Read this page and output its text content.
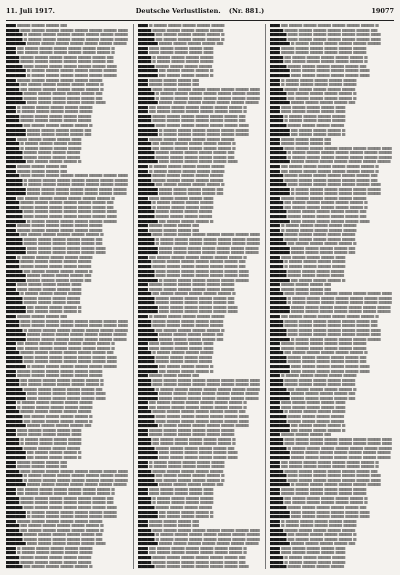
11. Juli 1917.	Deutsche Verlustlisten. (Nr. 881.)	19077
███ ▒▒▒▒ ▒▒▒▒ ▒▒▒▒ ▒▒
████ ▒▒▒ ▒▒▒▒ ▒▒▒▒ ▒▒▒▒ ▒▒▒▒ ▒▒▒▒ ▒▒▒▒ ▒▒▒
█████ ▒ ▒▒▒▒ ▒▒▒▒ ▒▒▒▒ ▒▒▒▒ ▒▒▒▒ ▒▒▒▒ ▒▒▒▒
█████ ▒ ▒▒▒▒ ▒▒▒▒ ▒▒▒▒ ▒▒▒▒ ▒▒▒▒ ▒▒▒▒ ▒▒▒▒
██████ ▒▒▒▒ ▒▒▒▒ ▒▒▒▒ ▒▒▒▒ ▒▒▒▒ ▒▒▒▒ ▒▒▒▒
███ ▒▒ ▒▒▒▒ ▒▒▒▒ ▒▒▒▒ ▒▒▒▒ ▒▒▒▒ ▒▒▒▒ ▒
███ ▒▒ ▒▒▒▒ ▒▒▒▒ ▒▒▒▒ ▒▒▒▒ ▒▒▒▒ ▒▒▒▒ ▒
████ ▒▒▒▒ ▒▒▒▒ ▒▒▒▒ ▒▒▒▒ ▒▒▒▒ ▒▒▒▒ ▒▒
████ ▒▒▒▒ ▒▒▒▒ ▒▒▒▒ ▒▒▒▒ ▒▒▒▒ ▒▒▒▒ ▒▒
█████ ▒▒▒ ▒▒▒▒ ▒▒▒▒ ▒▒▒▒ ▒▒▒▒ ▒▒▒▒ ▒▒▒
██████ ▒ ▒▒▒▒ ▒▒▒▒ ▒▒▒▒ ▒▒▒▒ ▒▒▒▒ ▒▒▒▒
██████ ▒ ▒▒▒▒ ▒▒▒▒ ▒▒▒▒ ▒▒▒▒ ▒▒▒▒ ▒▒▒▒
███ ▒▒▒▒ ▒▒▒▒ ▒▒▒▒ ▒▒▒▒ ▒▒▒▒ ▒▒▒▒
████ ▒▒ ▒▒▒▒ ▒▒▒▒ ▒▒▒▒ ▒▒▒▒ ▒▒▒▒ ▒
████ ▒▒ ▒▒▒▒ ▒▒▒▒ ▒▒▒▒ ▒▒▒▒ ▒▒▒▒ ▒
█████ ▒▒▒▒ ▒▒▒▒ ▒▒▒▒ ▒▒▒▒ ▒▒▒▒ ▒▒
█████ ▒▒▒▒ ▒▒▒▒ ▒▒▒▒ ▒▒▒▒ ▒▒▒▒ ▒▒
██████ ▒▒▒ ▒▒▒▒ ▒▒▒▒ ▒▒▒▒ ▒▒▒▒ ▒▒▒
███ ▒ ▒▒▒▒ ▒▒▒▒ ▒▒▒▒ ▒▒▒▒ ▒▒▒▒
███ ▒ ▒▒▒▒ ▒▒▒▒ ▒▒▒▒ ▒▒▒▒ ▒▒▒▒
████ ▒▒▒▒ ▒▒▒▒ ▒▒▒▒ ▒▒▒▒ ▒▒▒▒
████ ▒▒▒▒ ▒▒▒▒ ▒▒▒▒ ▒▒▒▒ ▒▒▒▒
█████ ▒▒ ▒▒▒▒ ▒▒▒▒ ▒▒▒▒ ▒▒▒▒ ▒
██████ ▒▒▒▒ ▒▒▒▒ ▒▒▒▒ ▒▒▒▒ ▒▒
██████ ▒▒▒▒ ▒▒▒▒ ▒▒▒▒ ▒▒▒▒ ▒▒
███ ▒▒▒ ▒▒▒▒ ▒▒▒▒ ▒▒▒▒ ▒▒▒
████ ▒ ▒▒▒▒ ▒▒▒▒ ▒▒▒▒ ▒▒▒▒
████ ▒ ▒▒▒▒ ▒▒▒▒ ▒▒▒▒ ▒▒▒▒
█████ ▒▒▒▒ ▒▒▒▒ ▒▒▒▒ ▒▒▒▒
█████ ▒▒▒▒ ▒▒▒▒ ▒▒▒▒ ▒▒▒▒
██████ ▒▒ ▒▒▒▒ ▒▒▒▒ ▒▒▒▒ ▒
███ ▒▒▒▒ ▒▒▒▒ ▒▒▒▒ ▒▒
███ ▒▒▒▒ ▒▒▒▒ ▒▒▒▒ ▒▒
████ ▒▒▒ ▒▒▒▒ ▒▒▒▒ ▒▒▒▒ ▒▒▒▒ ▒▒▒▒ ▒▒▒▒ ▒▒▒
█████ ▒ ▒▒▒▒ ▒▒▒▒ ▒▒▒▒ ▒▒▒▒ ▒▒▒▒ ▒▒▒▒ ▒▒▒▒
█████ ▒ ▒▒▒▒ ▒▒▒▒ ▒▒▒▒ ▒▒▒▒ ▒▒▒▒ ▒▒▒▒ ▒▒▒▒
██████ ▒▒▒▒ ▒▒▒▒ ▒▒▒▒ ▒▒▒▒ ▒▒▒▒ ▒▒▒▒ ▒▒▒▒
██████ ▒▒▒▒ ▒▒▒▒ ▒▒▒▒ ▒▒▒▒ ▒▒▒▒ ▒▒▒▒ ▒▒▒▒
███ ▒▒ ▒▒▒▒ ▒▒▒▒ ▒▒▒▒ ▒▒▒▒ ▒▒▒▒ ▒▒▒▒ ▒
████ ▒▒▒▒ ▒▒▒▒ ▒▒▒▒ ▒▒▒▒ ▒▒▒▒ ▒▒▒▒ ▒▒
████ ▒▒▒▒ ▒▒▒▒ ▒▒▒▒ ▒▒▒▒ ▒▒▒▒ ▒▒▒▒ ▒▒
█████ ▒▒▒ ▒▒▒▒ ▒▒▒▒ ▒▒▒▒ ▒▒▒▒ ▒▒▒▒ ▒▒▒
█████ ▒▒▒ ▒▒▒▒ ▒▒▒▒ ▒▒▒▒ ▒▒▒▒ ▒▒▒▒ ▒▒▒
██████ ▒ ▒▒▒▒ ▒▒▒▒ ▒▒▒▒ ▒▒▒▒ ▒▒▒▒ ▒▒▒▒
███ ▒▒▒▒ ▒▒▒▒ ▒▒▒▒ ▒▒▒▒ ▒▒▒▒ ▒▒▒▒
███ ▒▒▒▒ ▒▒▒▒ ▒▒▒▒ ▒▒▒▒ ▒▒▒▒ ▒▒▒▒
████ ▒▒ ▒▒▒▒ ▒▒▒▒ ▒▒▒▒ ▒▒▒▒ ▒▒▒▒ ▒
█████ ▒▒▒▒ ▒▒▒▒ ▒▒▒▒ ▒▒▒▒ ▒▒▒▒ ▒▒
█████ ▒▒▒▒ ▒▒▒▒ ▒▒▒▒ ▒▒▒▒ ▒▒▒▒ ▒▒
██████ ▒▒▒ ▒▒▒▒ ▒▒▒▒ ▒▒▒▒ ▒▒▒▒ ▒▒▒
██████ ▒▒▒ ▒▒▒▒ ▒▒▒▒ ▒▒▒▒ ▒▒▒▒ ▒▒▒
███ ▒ ▒▒▒▒ ▒▒▒▒ ▒▒▒▒ ▒▒▒▒ ▒▒▒▒
████ ▒▒▒▒ ▒▒▒▒ ▒▒▒▒ ▒▒▒▒ ▒▒▒▒
████ ▒▒▒▒ ▒▒▒▒ ▒▒▒▒ ▒▒▒▒ ▒▒▒▒
█████ ▒▒ ▒▒▒▒ ▒▒▒▒ ▒▒▒▒ ▒▒▒▒ ▒
██████ ▒▒▒▒ ▒▒▒▒ ▒▒▒▒ ▒▒▒▒ ▒▒
██████ ▒▒▒▒ ▒▒▒▒ ▒▒▒▒ ▒▒▒▒ ▒▒
███ ▒▒▒ ▒▒▒▒ ▒▒▒▒ ▒▒▒▒ ▒▒▒
███ ▒▒▒ ▒▒▒▒ ▒▒▒▒ ▒▒▒▒ ▒▒▒
████ ▒ ▒▒▒▒ ▒▒▒▒ ▒▒▒▒ ▒▒▒▒
█████ ▒▒▒▒ ▒▒▒▒ ▒▒▒▒ ▒▒▒▒
█████ ▒▒▒▒ ▒▒▒▒ ▒▒▒▒ ▒▒▒▒
██████ ▒▒ ▒▒▒▒ ▒▒▒▒ ▒▒▒▒ ▒
██████ ▒▒ ▒▒▒▒ ▒▒▒▒ ▒▒▒▒ ▒
███ ▒▒▒▒ ▒▒▒▒ ▒▒▒▒ ▒▒
████ ▒▒▒ ▒▒▒▒ ▒▒▒▒ ▒▒▒▒ ▒▒▒▒ ▒▒▒▒ ▒▒▒▒ ▒▒▒
████ ▒▒▒ ▒▒▒▒ ▒▒▒▒ ▒▒▒▒ ▒▒▒▒ ▒▒▒▒ ▒▒▒▒ ▒▒▒
█████ ▒ ▒▒▒▒ ▒▒▒▒ ▒▒▒▒ ▒▒▒▒ ▒▒▒▒ ▒▒▒▒ ▒▒▒▒
██████ ▒▒▒▒ ▒▒▒▒ ▒▒▒▒ ▒▒▒▒ ▒▒▒▒ ▒▒▒▒ ▒▒▒▒
██████ ▒▒▒▒ ▒▒▒▒ ▒▒▒▒ ▒▒▒▒ ▒▒▒▒ ▒▒▒▒ ▒▒▒▒
███ ▒▒ ▒▒▒▒ ▒▒▒▒ ▒▒▒▒ ▒▒▒▒ ▒▒▒▒ ▒▒▒▒ ▒
███ ▒▒ ▒▒▒▒ ▒▒▒▒ ▒▒▒▒ ▒▒▒▒ ▒▒▒▒ ▒▒▒▒ ▒
████ ▒▒▒▒ ▒▒▒▒ ▒▒▒▒ ▒▒▒▒ ▒▒▒▒ ▒▒▒▒ ▒▒
█████ ▒▒▒ ▒▒▒▒ ▒▒▒▒ ▒▒▒▒ ▒▒▒▒ ▒▒▒▒ ▒▒▒
█████ ▒▒▒ ▒▒▒▒ ▒▒▒▒ ▒▒▒▒ ▒▒▒▒ ▒▒▒▒ ▒▒▒
██████ ▒ ▒▒▒▒ ▒▒▒▒ ▒▒▒▒ ▒▒▒▒ ▒▒▒▒ ▒▒▒▒
███ ▒▒▒▒ ▒▒▒▒ ▒▒▒▒ ▒▒▒▒ ▒▒▒▒ ▒▒▒▒
███ ▒▒▒▒ ▒▒▒▒ ▒▒▒▒ ▒▒▒▒ ▒▒▒▒ ▒▒▒▒
████ ▒▒ ▒▒▒▒ ▒▒▒▒ ▒▒▒▒ ▒▒▒▒ ▒▒▒▒ ▒
████ ▒▒ ▒▒▒▒ ▒▒▒▒ ▒▒▒▒ ▒▒▒▒ ▒▒▒▒ ▒
█████ ▒▒▒▒ ▒▒▒▒ ▒▒▒▒ ▒▒▒▒ ▒▒▒▒ ▒▒
██████ ▒▒▒ ▒▒▒▒ ▒▒▒▒ ▒▒▒▒ ▒▒▒▒ ▒▒▒
██████ ▒▒▒ ▒▒▒▒ ▒▒▒▒ ▒▒▒▒ ▒▒▒▒ ▒▒▒
███ ▒ ▒▒▒▒ ▒▒▒▒ ▒▒▒▒ ▒▒▒▒ ▒▒▒▒
███ ▒ ▒▒▒▒ ▒▒▒▒ ▒▒▒▒ ▒▒▒▒ ▒▒▒▒
████ ▒▒▒▒ ▒▒▒▒ ▒▒▒▒ ▒▒▒▒ ▒▒▒▒
█████ ▒▒ ▒▒▒▒ ▒▒▒▒ ▒▒▒▒ ▒▒▒▒ ▒
█████ ▒▒ ▒▒▒▒ ▒▒▒▒ ▒▒▒▒ ▒▒▒▒ ▒
██████ ▒▒▒▒ ▒▒▒▒ ▒▒▒▒ ▒▒▒▒ ▒▒
███ ▒▒▒ ▒▒▒▒ ▒▒▒▒ ▒▒▒▒ ▒▒▒
███ ▒▒▒ ▒▒▒▒ ▒▒▒▒ ▒▒▒▒ ▒▒▒
████ ▒ ▒▒▒▒ ▒▒▒▒ ▒▒▒▒ ▒▒▒▒
████ ▒ ▒▒▒▒ ▒▒▒▒ ▒▒▒▒ ▒▒▒▒
█████ ▒▒▒▒ ▒▒▒▒ ▒▒▒▒ ▒▒▒▒
██████ ▒▒ ▒▒▒▒ ▒▒▒▒ ▒▒▒▒ ▒
██████ ▒▒ ▒▒▒▒ ▒▒▒▒ ▒▒▒▒ ▒
███ ▒▒▒▒ ▒▒▒▒ ▒▒▒▒ ▒▒
███ ▒▒▒▒ ▒▒▒▒ ▒▒▒▒ ▒▒
████ ▒▒▒ ▒▒▒▒ ▒▒▒▒ ▒▒▒▒ ▒▒▒▒ ▒▒▒▒ ▒▒▒▒ ▒▒▒
█████ ▒ ▒▒▒▒ ▒▒▒▒ ▒▒▒▒ ▒▒▒▒ ▒▒▒▒ ▒▒▒▒ ▒▒▒▒
█████ ▒ ▒▒▒▒ ▒▒▒▒ ▒▒▒▒ ▒▒▒▒ ▒▒▒▒ ▒▒▒▒ ▒▒▒▒
██████ ▒▒▒▒ ▒▒▒▒ ▒▒▒▒ ▒▒▒▒ ▒▒▒▒ ▒▒▒▒ ▒▒▒▒
███ ▒▒ ▒▒▒▒ ▒▒▒▒ ▒▒▒▒ ▒▒▒▒ ▒▒▒▒ ▒▒▒▒ ▒
███ ▒▒ ▒▒▒▒ ▒▒▒▒ ▒▒▒▒ ▒▒▒▒ ▒▒▒▒ ▒▒▒▒ ▒
████ ▒▒▒▒ ▒▒▒▒ ▒▒▒▒ ▒▒▒▒ ▒▒▒▒ ▒▒▒▒ ▒▒
████ ▒▒▒▒ ▒▒▒▒ ▒▒▒▒ ▒▒▒▒ ▒▒▒▒ ▒▒▒▒ ▒▒
█████ ▒▒▒ ▒▒▒▒ ▒▒▒▒ ▒▒▒▒ ▒▒▒▒ ▒▒▒▒ ▒▒▒
██████ ▒ ▒▒▒▒ ▒▒▒▒ ▒▒▒▒ ▒▒▒▒ ▒▒▒▒ ▒▒▒▒
██████ ▒ ▒▒▒▒ ▒▒▒▒ ▒▒▒▒ ▒▒▒▒ ▒▒▒▒ ▒▒▒▒
███ ▒▒▒▒ ▒▒▒▒ ▒▒▒▒ ▒▒▒▒ ▒▒▒▒ ▒▒▒▒
████ ▒▒ ▒▒▒▒ ▒▒▒▒ ▒▒▒▒ ▒▒▒▒ ▒▒▒▒ ▒
████ ▒▒ ▒▒▒▒ ▒▒▒▒ ▒▒▒▒ ▒▒▒▒ ▒▒▒▒ ▒
█████ ▒▒▒▒ ▒▒▒▒ ▒▒▒▒ ▒▒▒▒ ▒▒▒▒ ▒▒
█████ ▒▒▒▒ ▒▒▒▒ ▒▒▒▒ ▒▒▒▒ ▒▒▒▒ ▒▒
██████ ▒▒▒ ▒▒▒▒ ▒▒▒▒ ▒▒▒▒ ▒▒▒▒ ▒▒▒
███ ▒ ▒▒▒▒ ▒▒▒▒ ▒▒▒▒ ▒▒▒▒ ▒▒▒▒
███ ▒ ▒▒▒▒ ▒▒▒▒ ▒▒▒▒ ▒▒▒▒ ▒▒▒▒
████ ▒▒▒▒ ▒▒▒▒ ▒▒▒▒ ▒▒▒▒ ▒▒▒▒
████ ▒▒▒▒ ▒▒▒▒ ▒▒▒▒ ▒▒▒▒ ▒▒▒▒
█████ ▒▒ ▒▒▒▒ ▒▒▒▒ ▒▒▒▒ ▒▒▒▒ ▒
███ ▒ ▒▒▒▒ ▒▒▒▒ ▒▒▒▒ ▒▒▒▒ ▒▒▒▒
████ ▒▒▒▒ ▒▒▒▒ ▒▒▒▒ ▒▒▒▒ ▒▒▒▒
█████ ▒▒ ▒▒▒▒ ▒▒▒▒ ▒▒▒▒ ▒▒▒▒ ▒
█████ ▒▒ ▒▒▒▒ ▒▒▒▒ ▒▒▒▒ ▒▒▒▒ ▒
██████ ▒▒▒▒ ▒▒▒▒ ▒▒▒▒ ▒▒▒▒ ▒▒
███ ▒▒▒ ▒▒▒▒ ▒▒▒▒ ▒▒▒▒ ▒▒▒
███ ▒▒▒ ▒▒▒▒ ▒▒▒▒ ▒▒▒▒ ▒▒▒
████ ▒ ▒▒▒▒ ▒▒▒▒ ▒▒▒▒ ▒▒▒▒
████ ▒ ▒▒▒▒ ▒▒▒▒ ▒▒▒▒ ▒▒▒▒
█████ ▒▒▒▒ ▒▒▒▒ ▒▒▒▒ ▒▒▒▒
██████ ▒▒ ▒▒▒▒ ▒▒▒▒ ▒▒▒▒ ▒
██████ ▒▒ ▒▒▒▒ ▒▒▒▒ ▒▒▒▒ ▒
███ ▒▒▒▒ ▒▒▒▒ ▒▒▒▒ ▒▒
███ ▒▒▒▒ ▒▒▒▒ ▒▒▒▒ ▒▒
████ ▒▒▒ ▒▒▒▒ ▒▒▒▒ ▒▒▒▒ ▒▒▒▒ ▒▒▒▒ ▒▒▒▒ ▒▒▒
█████ ▒ ▒▒▒▒ ▒▒▒▒ ▒▒▒▒ ▒▒▒▒ ▒▒▒▒ ▒▒▒▒ ▒▒▒▒
█████ ▒ ▒▒▒▒ ▒▒▒▒ ▒▒▒▒ ▒▒▒▒ ▒▒▒▒ ▒▒▒▒ ▒▒▒▒
██████ ▒▒▒▒ ▒▒▒▒ ▒▒▒▒ ▒▒▒▒ ▒▒▒▒ ▒▒▒▒ ▒▒▒▒
███ ▒▒ ▒▒▒▒ ▒▒▒▒ ▒▒▒▒ ▒▒▒▒ ▒▒▒▒ ▒▒▒▒ ▒
███ ▒▒ ▒▒▒▒ ▒▒▒▒ ▒▒▒▒ ▒▒▒▒ ▒▒▒▒ ▒▒▒▒ ▒
████ ▒▒▒▒ ▒▒▒▒ ▒▒▒▒ ▒▒▒▒ ▒▒▒▒ ▒▒▒▒ ▒▒
████ ▒▒▒▒ ▒▒▒▒ ▒▒▒▒ ▒▒▒▒ ▒▒▒▒ ▒▒▒▒ ▒▒
█████ ▒▒▒ ▒▒▒▒ ▒▒▒▒ ▒▒▒▒ ▒▒▒▒ ▒▒▒▒ ▒▒▒
██████ ▒ ▒▒▒▒ ▒▒▒▒ ▒▒▒▒ ▒▒▒▒ ▒▒▒▒ ▒▒▒▒
██████ ▒ ▒▒▒▒ ▒▒▒▒ ▒▒▒▒ ▒▒▒▒ ▒▒▒▒ ▒▒▒▒
███ ▒▒▒▒ ▒▒▒▒ ▒▒▒▒ ▒▒▒▒ ▒▒▒▒ ▒▒▒▒
████ ▒▒ ▒▒▒▒ ▒▒▒▒ ▒▒▒▒ ▒▒▒▒ ▒▒▒▒ ▒
████ ▒▒ ▒▒▒▒ ▒▒▒▒ ▒▒▒▒ ▒▒▒▒ ▒▒▒▒ ▒
█████ ▒▒▒▒ ▒▒▒▒ ▒▒▒▒ ▒▒▒▒ ▒▒▒▒ ▒▒
█████ ▒▒▒▒ ▒▒▒▒ ▒▒▒▒ ▒▒▒▒ ▒▒▒▒ ▒▒
██████ ▒▒▒ ▒▒▒▒ ▒▒▒▒ ▒▒▒▒ ▒▒▒▒ ▒▒▒
███ ▒ ▒▒▒▒ ▒▒▒▒ ▒▒▒▒ ▒▒▒▒ ▒▒▒▒
███ ▒ ▒▒▒▒ ▒▒▒▒ ▒▒▒▒ ▒▒▒▒ ▒▒▒▒
████ ▒▒▒▒ ▒▒▒▒ ▒▒▒▒ ▒▒▒▒ ▒▒▒▒
████ ▒▒▒▒ ▒▒▒▒ ▒▒▒▒ ▒▒▒▒ ▒▒▒▒
█████ ▒▒ ▒▒▒▒ ▒▒▒▒ ▒▒▒▒ ▒▒▒▒ ▒
██████ ▒▒▒▒ ▒▒▒▒ ▒▒▒▒ ▒▒▒▒ ▒▒
██████ ▒▒▒▒ ▒▒▒▒ ▒▒▒▒ ▒▒▒▒ ▒▒
███ ▒▒▒ ▒▒▒▒ ▒▒▒▒ ▒▒▒▒ ▒▒▒
████ ▒ ▒▒▒▒ ▒▒▒▒ ▒▒▒▒ ▒▒▒▒
████ ▒ ▒▒▒▒ ▒▒▒▒ ▒▒▒▒ ▒▒▒▒
█████ ▒▒▒▒ ▒▒▒▒ ▒▒▒▒ ▒▒▒▒
█████ ▒▒▒▒ ▒▒▒▒ ▒▒▒▒ ▒▒▒▒
██████ ▒▒ ▒▒▒▒ ▒▒▒▒ ▒▒▒▒ ▒
███ ▒▒▒▒ ▒▒▒▒ ▒▒▒▒ ▒▒
███ ▒▒▒▒ ▒▒▒▒ ▒▒▒▒ ▒▒
████ ▒▒▒ ▒▒▒▒ ▒▒▒▒ ▒▒▒▒ ▒▒▒▒ ▒▒▒▒ ▒▒▒▒ ▒▒▒
█████ ▒ ▒▒▒▒ ▒▒▒▒ ▒▒▒▒ ▒▒▒▒ ▒▒▒▒ ▒▒▒▒ ▒▒▒▒
█████ ▒ ▒▒▒▒ ▒▒▒▒ ▒▒▒▒ ▒▒▒▒ ▒▒▒▒ ▒▒▒▒ ▒▒▒▒
██████ ▒▒▒▒ ▒▒▒▒ ▒▒▒▒ ▒▒▒▒ ▒▒▒▒ ▒▒▒▒ ▒▒▒▒
██████ ▒▒▒▒ ▒▒▒▒ ▒▒▒▒ ▒▒▒▒ ▒▒▒▒ ▒▒▒▒ ▒▒▒▒
███ ▒▒ ▒▒▒▒ ▒▒▒▒ ▒▒▒▒ ▒▒▒▒ ▒▒▒▒ ▒▒▒▒ ▒
████ ▒▒▒▒ ▒▒▒▒ ▒▒▒▒ ▒▒▒▒ ▒▒▒▒ ▒▒▒▒ ▒▒
████ ▒▒▒▒ ▒▒▒▒ ▒▒▒▒ ▒▒▒▒ ▒▒▒▒ ▒▒▒▒ ▒▒
█████ ▒▒▒ ▒▒▒▒ ▒▒▒▒ ▒▒▒▒ ▒▒▒▒ ▒▒▒▒ ▒▒▒
█████ ▒▒▒ ▒▒▒▒ ▒▒▒▒ ▒▒▒▒ ▒▒▒▒ ▒▒▒▒ ▒▒▒
██████ ▒ ▒▒▒▒ ▒▒▒▒ ▒▒▒▒ ▒▒▒▒ ▒▒▒▒ ▒▒▒▒
███ ▒▒▒▒ ▒▒▒▒ ▒▒▒▒ ▒▒▒▒ ▒▒▒▒ ▒▒▒▒
███ ▒▒▒▒ ▒▒▒▒ ▒▒▒▒ ▒▒▒▒ ▒▒▒▒ ▒▒▒▒
████ ▒▒ ▒▒▒▒ ▒▒▒▒ ▒▒▒▒ ▒▒▒▒ ▒▒▒▒ ▒
█████ ▒▒▒▒ ▒▒▒▒ ▒▒▒▒ ▒▒▒▒ ▒▒▒▒ ▒▒
█████ ▒▒▒▒ ▒▒▒▒ ▒▒▒▒ ▒▒▒▒ ▒▒▒▒ ▒▒
██████ ▒▒▒ ▒▒▒▒ ▒▒▒▒ ▒▒▒▒ ▒▒▒▒ ▒▒▒
██████ ▒▒▒ ▒▒▒▒ ▒▒▒▒ ▒▒▒▒ ▒▒▒▒ ▒▒▒
███ ▒ ▒▒▒▒ ▒▒▒▒ ▒▒▒▒ ▒▒▒▒ ▒▒▒▒
████ ▒▒▒▒ ▒▒▒▒ ▒▒▒▒ ▒▒▒▒ ▒▒▒▒
████ ▒▒▒▒ ▒▒▒▒ ▒▒▒▒ ▒▒▒▒ ▒▒▒▒
█████ ▒▒ ▒▒▒▒ ▒▒▒▒ ▒▒▒▒ ▒▒▒▒ ▒
██████ ▒▒▒▒ ▒▒▒▒ ▒▒▒▒ ▒▒▒▒ ▒▒
██████ ▒▒▒▒ ▒▒▒▒ ▒▒▒▒ ▒▒▒▒ ▒▒
███ ▒▒▒ ▒▒▒▒ ▒▒▒▒ ▒▒▒▒ ▒▒▒
███ ▒▒▒ ▒▒▒▒ ▒▒▒▒ ▒▒▒▒ ▒▒▒
████ ▒ ▒▒▒▒ ▒▒▒▒ ▒▒▒▒ ▒▒▒▒
█████ ▒▒▒▒ ▒▒▒▒ ▒▒▒▒ ▒▒▒▒
█████ ▒▒▒▒ ▒▒▒▒ ▒▒▒▒ ▒▒▒▒
██████ ▒▒ ▒▒▒▒ ▒▒▒▒ ▒▒▒▒ ▒
██████ ▒▒ ▒▒▒▒ ▒▒▒▒ ▒▒▒▒ ▒
███ ▒▒▒▒ ▒▒▒▒ ▒▒▒▒ ▒▒
████ ▒▒▒ ▒▒▒▒ ▒▒▒▒ ▒▒▒▒ ▒▒▒▒ ▒▒▒▒ ▒▒▒▒ ▒▒▒
████ ▒▒▒ ▒▒▒▒ ▒▒▒▒ ▒▒▒▒ ▒▒▒▒ ▒▒▒▒ ▒▒▒▒ ▒▒▒
█████ ▒ ▒▒▒▒ ▒▒▒▒ ▒▒▒▒ ▒▒▒▒ ▒▒▒▒ ▒▒▒▒ ▒▒▒▒
██████ ▒▒▒▒ ▒▒▒▒ ▒▒▒▒ ▒▒▒▒ ▒▒▒▒ ▒▒▒▒ ▒▒▒▒
██████ ▒▒▒▒ ▒▒▒▒ ▒▒▒▒ ▒▒▒▒ ▒▒▒▒ ▒▒▒▒ ▒▒▒▒
███ ▒▒ ▒▒▒▒ ▒▒▒▒ ▒▒▒▒ ▒▒▒▒ ▒▒▒▒ ▒▒▒▒ ▒
███ ▒▒ ▒▒▒▒ ▒▒▒▒ ▒▒▒▒ ▒▒▒▒ ▒▒▒▒ ▒▒▒▒ ▒
████ ▒▒▒▒ ▒▒▒▒ ▒▒▒▒ ▒▒▒▒ ▒▒▒▒ ▒▒▒▒ ▒▒
█████ ▒▒▒ ▒▒▒▒ ▒▒▒▒ ▒▒▒▒ ▒▒▒▒ ▒▒▒▒ ▒▒▒
█████ ▒▒▒ ▒▒▒▒ ▒▒▒▒ ▒▒▒▒ ▒▒▒▒ ▒▒▒▒ ▒▒▒
██████ ▒ ▒▒▒▒ ▒▒▒▒ ▒▒▒▒ ▒▒▒▒ ▒▒▒▒ ▒▒▒▒
███ ▒▒▒▒ ▒▒▒▒ ▒▒▒▒ ▒▒▒▒ ▒▒▒▒ ▒▒▒▒
███ ▒▒▒▒ ▒▒▒▒ ▒▒▒▒ ▒▒▒▒ ▒▒▒▒ ▒▒▒▒
████ ▒▒ ▒▒▒▒ ▒▒▒▒ ▒▒▒▒ ▒▒▒▒ ▒▒▒▒ ▒
████ ▒▒ ▒▒▒▒ ▒▒▒▒ ▒▒▒▒ ▒▒▒▒ ▒▒▒▒ ▒
█████ ▒▒▒▒ ▒▒▒▒ ▒▒▒▒ ▒▒▒▒ ▒▒▒▒ ▒▒
██████ ▒▒▒ ▒▒▒▒ ▒▒▒▒ ▒▒▒▒ ▒▒▒▒ ▒▒▒
██████ ▒▒▒ ▒▒▒▒ ▒▒▒▒ ▒▒▒▒ ▒▒▒▒ ▒▒▒
███ ▒ ▒▒▒▒ ▒▒▒▒ ▒▒▒▒ ▒▒▒▒ ▒▒▒▒
███ ▒ ▒▒▒▒ ▒▒▒▒ ▒▒▒▒ ▒▒▒▒ ▒▒▒▒
████ ▒▒▒▒ ▒▒▒▒ ▒▒▒▒ ▒▒▒▒ ▒▒▒▒
█████ ▒▒ ▒▒▒▒ ▒▒▒▒ ▒▒▒▒ ▒▒▒▒ ▒
█████ ▒▒ ▒▒▒▒ ▒▒▒▒ ▒▒▒▒ ▒▒▒▒ ▒
██████ ▒▒▒▒ ▒▒▒▒ ▒▒▒▒ ▒▒▒▒ ▒▒
███ ▒▒▒ ▒▒▒▒ ▒▒▒▒ ▒▒▒▒ ▒▒▒
███ ▒▒▒ ▒▒▒▒ ▒▒▒▒ ▒▒▒▒ ▒▒▒
████ ▒ ▒▒▒▒ ▒▒▒▒ ▒▒▒▒ ▒▒▒▒
████ ▒ ▒▒▒▒ ▒▒▒▒ ▒▒▒▒ ▒▒▒▒
█████ ▒▒▒▒ ▒▒▒▒ ▒▒▒▒ ▒▒▒▒
██████ ▒▒ ▒▒▒▒ ▒▒▒▒ ▒▒▒▒ ▒
██████ ▒▒ ▒▒▒▒ ▒▒▒▒ ▒▒▒▒ ▒
███ ▒▒▒▒ ▒▒▒▒ ▒▒▒▒ ▒▒
███ ▒▒▒▒ ▒▒▒▒ ▒▒▒▒ ▒▒
████ ▒▒▒ ▒▒▒▒ ▒▒▒▒ ▒▒▒▒ ▒▒▒▒ ▒▒▒▒ ▒▒▒▒ ▒▒▒
█████ ▒ ▒▒▒▒ ▒▒▒▒ ▒▒▒▒ ▒▒▒▒ ▒▒▒▒ ▒▒▒▒ ▒▒▒▒
█████ ▒ ▒▒▒▒ ▒▒▒▒ ▒▒▒▒ ▒▒▒▒ ▒▒▒▒ ▒▒▒▒ ▒▒▒▒
██████ ▒▒▒▒ ▒▒▒▒ ▒▒▒▒ ▒▒▒▒ ▒▒▒▒ ▒▒▒▒ ▒▒▒▒
███ ▒▒ ▒▒▒▒ ▒▒▒▒ ▒▒▒▒ ▒▒▒▒ ▒▒▒▒ ▒▒▒▒ ▒
███ ▒▒ ▒▒▒▒ ▒▒▒▒ ▒▒▒▒ ▒▒▒▒ ▒▒▒▒ ▒▒▒▒ ▒
████ ▒▒▒▒ ▒▒▒▒ ▒▒▒▒ ▒▒▒▒ ▒▒▒▒ ▒▒▒▒ ▒▒
████ ▒▒▒▒ ▒▒▒▒ ▒▒▒▒ ▒▒▒▒ ▒▒▒▒ ▒▒▒▒ ▒▒
█████ ▒▒▒ ▒▒▒▒ ▒▒▒▒ ▒▒▒▒ ▒▒▒▒ ▒▒▒▒ ▒▒▒
███ ▒▒ ▒▒▒▒ ▒▒▒▒ ▒▒▒▒ ▒▒▒▒ ▒▒▒▒ ▒▒▒▒ ▒
████ ▒▒▒▒ ▒▒▒▒ ▒▒▒▒ ▒▒▒▒ ▒▒▒▒ ▒▒▒▒ ▒▒
█████ ▒▒▒ ▒▒▒▒ ▒▒▒▒ ▒▒▒▒ ▒▒▒▒ ▒▒▒▒ ▒▒▒
█████ ▒▒▒ ▒▒▒▒ ▒▒▒▒ ▒▒▒▒ ▒▒▒▒ ▒▒▒▒ ▒▒▒
██████ ▒ ▒▒▒▒ ▒▒▒▒ ▒▒▒▒ ▒▒▒▒ ▒▒▒▒ ▒▒▒▒
███ ▒▒▒▒ ▒▒▒▒ ▒▒▒▒ ▒▒▒▒ ▒▒▒▒ ▒▒▒▒
███ ▒▒▒▒ ▒▒▒▒ ▒▒▒▒ ▒▒▒▒ ▒▒▒▒ ▒▒▒▒
████ ▒▒ ▒▒▒▒ ▒▒▒▒ ▒▒▒▒ ▒▒▒▒ ▒▒▒▒ ▒
████ ▒▒ ▒▒▒▒ ▒▒▒▒ ▒▒▒▒ ▒▒▒▒ ▒▒▒▒ ▒
█████ ▒▒▒▒ ▒▒▒▒ ▒▒▒▒ ▒▒▒▒ ▒▒▒▒ ▒▒
██████ ▒▒▒ ▒▒▒▒ ▒▒▒▒ ▒▒▒▒ ▒▒▒▒ ▒▒▒
██████ ▒▒▒ ▒▒▒▒ ▒▒▒▒ ▒▒▒▒ ▒▒▒▒ ▒▒▒
███ ▒ ▒▒▒▒ ▒▒▒▒ ▒▒▒▒ ▒▒▒▒ ▒▒▒▒
███ ▒ ▒▒▒▒ ▒▒▒▒ ▒▒▒▒ ▒▒▒▒ ▒▒▒▒
████ ▒▒▒▒ ▒▒▒▒ ▒▒▒▒ ▒▒▒▒ ▒▒▒▒
█████ ▒▒ ▒▒▒▒ ▒▒▒▒ ▒▒▒▒ ▒▒▒▒ ▒
█████ ▒▒ ▒▒▒▒ ▒▒▒▒ ▒▒▒▒ ▒▒▒▒ ▒
██████ ▒▒▒▒ ▒▒▒▒ ▒▒▒▒ ▒▒▒▒ ▒▒
███ ▒▒▒ ▒▒▒▒ ▒▒▒▒ ▒▒▒▒ ▒▒▒
███ ▒▒▒ ▒▒▒▒ ▒▒▒▒ ▒▒▒▒ ▒▒▒
████ ▒ ▒▒▒▒ ▒▒▒▒ ▒▒▒▒ ▒▒▒▒
████ ▒ ▒▒▒▒ ▒▒▒▒ ▒▒▒▒ ▒▒▒▒
█████ ▒▒▒▒ ▒▒▒▒ ▒▒▒▒ ▒▒▒▒
██████ ▒▒ ▒▒▒▒ ▒▒▒▒ ▒▒▒▒ ▒
██████ ▒▒ ▒▒▒▒ ▒▒▒▒ ▒▒▒▒ ▒
███ ▒▒▒▒ ▒▒▒▒ ▒▒▒▒ ▒▒
███ ▒▒▒▒ ▒▒▒▒ ▒▒▒▒ ▒▒
████ ▒▒▒ ▒▒▒▒ ▒▒▒▒ ▒▒▒▒ ▒▒▒▒ ▒▒▒▒ ▒▒▒▒ ▒▒▒
█████ ▒ ▒▒▒▒ ▒▒▒▒ ▒▒▒▒ ▒▒▒▒ ▒▒▒▒ ▒▒▒▒ ▒▒▒▒
█████ ▒ ▒▒▒▒ ▒▒▒▒ ▒▒▒▒ ▒▒▒▒ ▒▒▒▒ ▒▒▒▒ ▒▒▒▒
██████ ▒▒▒▒ ▒▒▒▒ ▒▒▒▒ ▒▒▒▒ ▒▒▒▒ ▒▒▒▒ ▒▒▒▒
███ ▒▒ ▒▒▒▒ ▒▒▒▒ ▒▒▒▒ ▒▒▒▒ ▒▒▒▒ ▒▒▒▒ ▒
███ ▒▒ ▒▒▒▒ ▒▒▒▒ ▒▒▒▒ ▒▒▒▒ ▒▒▒▒ ▒▒▒▒ ▒
████ ▒▒▒▒ ▒▒▒▒ ▒▒▒▒ ▒▒▒▒ ▒▒▒▒ ▒▒▒▒ ▒▒
████ ▒▒▒▒ ▒▒▒▒ ▒▒▒▒ ▒▒▒▒ ▒▒▒▒ ▒▒▒▒ ▒▒
█████ ▒▒▒ ▒▒▒▒ ▒▒▒▒ ▒▒▒▒ ▒▒▒▒ ▒▒▒▒ ▒▒▒
██████ ▒ ▒▒▒▒ ▒▒▒▒ ▒▒▒▒ ▒▒▒▒ ▒▒▒▒ ▒▒▒▒
██████ ▒ ▒▒▒▒ ▒▒▒▒ ▒▒▒▒ ▒▒▒▒ ▒▒▒▒ ▒▒▒▒
███ ▒▒▒▒ ▒▒▒▒ ▒▒▒▒ ▒▒▒▒ ▒▒▒▒ ▒▒▒▒
████ ▒▒ ▒▒▒▒ ▒▒▒▒ ▒▒▒▒ ▒▒▒▒ ▒▒▒▒ ▒
████ ▒▒ ▒▒▒▒ ▒▒▒▒ ▒▒▒▒ ▒▒▒▒ ▒▒▒▒ ▒
█████ ▒▒▒▒ ▒▒▒▒ ▒▒▒▒ ▒▒▒▒ ▒▒▒▒ ▒▒
█████ ▒▒▒▒ ▒▒▒▒ ▒▒▒▒ ▒▒▒▒ ▒▒▒▒ ▒▒
██████ ▒▒▒ ▒▒▒▒ ▒▒▒▒ ▒▒▒▒ ▒▒▒▒ ▒▒▒
███ ▒ ▒▒▒▒ ▒▒▒▒ ▒▒▒▒ ▒▒▒▒ ▒▒▒▒
███ ▒ ▒▒▒▒ ▒▒▒▒ ▒▒▒▒ ▒▒▒▒ ▒▒▒▒
████ ▒▒▒▒ ▒▒▒▒ ▒▒▒▒ ▒▒▒▒ ▒▒▒▒
████ ▒▒▒▒ ▒▒▒▒ ▒▒▒▒ ▒▒▒▒ ▒▒▒▒
█████ ▒▒ ▒▒▒▒ ▒▒▒▒ ▒▒▒▒ ▒▒▒▒ ▒
██████ ▒▒▒▒ ▒▒▒▒ ▒▒▒▒ ▒▒▒▒ ▒▒
██████ ▒▒▒▒ ▒▒▒▒ ▒▒▒▒ ▒▒▒▒ ▒▒
███ ▒▒▒ ▒▒▒▒ ▒▒▒▒ ▒▒▒▒ ▒▒▒
████ ▒ ▒▒▒▒ ▒▒▒▒ ▒▒▒▒ ▒▒▒▒
████ ▒ ▒▒▒▒ ▒▒▒▒ ▒▒▒▒ ▒▒▒▒
█████ ▒▒▒▒ ▒▒▒▒ ▒▒▒▒ ▒▒▒▒
█████ ▒▒▒▒ ▒▒▒▒ ▒▒▒▒ ▒▒▒▒
██████ ▒▒ ▒▒▒▒ ▒▒▒▒ ▒▒▒▒ ▒
███ ▒▒▒▒ ▒▒▒▒ ▒▒▒▒ ▒▒
███ ▒▒▒▒ ▒▒▒▒ ▒▒▒▒ ▒▒
████ ▒▒▒ ▒▒▒▒ ▒▒▒▒ ▒▒▒▒ ▒▒▒▒ ▒▒▒▒ ▒▒▒▒ ▒▒▒
█████ ▒ ▒▒▒▒ ▒▒▒▒ ▒▒▒▒ ▒▒▒▒ ▒▒▒▒ ▒▒▒▒ ▒▒▒▒
█████ ▒ ▒▒▒▒ ▒▒▒▒ ▒▒▒▒ ▒▒▒▒ ▒▒▒▒ ▒▒▒▒ ▒▒▒▒
██████ ▒▒▒▒ ▒▒▒▒ ▒▒▒▒ ▒▒▒▒ ▒▒▒▒ ▒▒▒▒ ▒▒▒▒
██████ ▒▒▒▒ ▒▒▒▒ ▒▒▒▒ ▒▒▒▒ ▒▒▒▒ ▒▒▒▒ ▒▒▒▒
███ ▒▒ ▒▒▒▒ ▒▒▒▒ ▒▒▒▒ ▒▒▒▒ ▒▒▒▒ ▒▒▒▒ ▒
████ ▒▒▒▒ ▒▒▒▒ ▒▒▒▒ ▒▒▒▒ ▒▒▒▒ ▒▒▒▒ ▒▒
████ ▒▒▒▒ ▒▒▒▒ ▒▒▒▒ ▒▒▒▒ ▒▒▒▒ ▒▒▒▒ ▒▒
█████ ▒▒▒ ▒▒▒▒ ▒▒▒▒ ▒▒▒▒ ▒▒▒▒ ▒▒▒▒ ▒▒▒
█████ ▒▒▒ ▒▒▒▒ ▒▒▒▒ ▒▒▒▒ ▒▒▒▒ ▒▒▒▒ ▒▒▒
██████ ▒ ▒▒▒▒ ▒▒▒▒ ▒▒▒▒ ▒▒▒▒ ▒▒▒▒ ▒▒▒▒
███ ▒▒▒▒ ▒▒▒▒ ▒▒▒▒ ▒▒▒▒ ▒▒▒▒ ▒▒▒▒
███ ▒▒▒▒ ▒▒▒▒ ▒▒▒▒ ▒▒▒▒ ▒▒▒▒ ▒▒▒▒
████ ▒▒ ▒▒▒▒ ▒▒▒▒ ▒▒▒▒ ▒▒▒▒ ▒▒▒▒ ▒
█████ ▒▒▒▒ ▒▒▒▒ ▒▒▒▒ ▒▒▒▒ ▒▒▒▒ ▒▒
█████ ▒▒▒▒ ▒▒▒▒ ▒▒▒▒ ▒▒▒▒ ▒▒▒▒ ▒▒
██████ ▒▒▒ ▒▒▒▒ ▒▒▒▒ ▒▒▒▒ ▒▒▒▒ ▒▒▒
██████ ▒▒▒ ▒▒▒▒ ▒▒▒▒ ▒▒▒▒ ▒▒▒▒ ▒▒▒
███ ▒ ▒▒▒▒ ▒▒▒▒ ▒▒▒▒ ▒▒▒▒ ▒▒▒▒
████ ▒▒▒▒ ▒▒▒▒ ▒▒▒▒ ▒▒▒▒ ▒▒▒▒
████ ▒▒▒▒ ▒▒▒▒ ▒▒▒▒ ▒▒▒▒ ▒▒▒▒
█████ ▒▒ ▒▒▒▒ ▒▒▒▒ ▒▒▒▒ ▒▒▒▒ ▒
██████ ▒▒▒▒ ▒▒▒▒ ▒▒▒▒ ▒▒▒▒ ▒▒
██████ ▒▒▒▒ ▒▒▒▒ ▒▒▒▒ ▒▒▒▒ ▒▒
███ ▒▒▒ ▒▒▒▒ ▒▒▒▒ ▒▒▒▒ ▒▒▒
███ ▒▒▒ ▒▒▒▒ ▒▒▒▒ ▒▒▒▒ ▒▒▒
████ ▒ ▒▒▒▒ ▒▒▒▒ ▒▒▒▒ ▒▒▒▒
█████ ▒▒▒▒ ▒▒▒▒ ▒▒▒▒ ▒▒▒▒
█████ ▒▒▒▒ ▒▒▒▒ ▒▒▒▒ ▒▒▒▒
██████ ▒▒ ▒▒▒▒ ▒▒▒▒ ▒▒▒▒ ▒
██████ ▒▒ ▒▒▒▒ ▒▒▒▒ ▒▒▒▒ ▒
███ ▒▒▒▒ ▒▒▒▒ ▒▒▒▒ ▒▒
████ ▒▒▒ ▒▒▒▒ ▒▒▒▒ ▒▒▒▒ ▒▒▒▒ ▒▒▒▒ ▒▒▒▒ ▒▒▒
████ ▒▒▒ ▒▒▒▒ ▒▒▒▒ ▒▒▒▒ ▒▒▒▒ ▒▒▒▒ ▒▒▒▒ ▒▒▒
█████ ▒ ▒▒▒▒ ▒▒▒▒ ▒▒▒▒ ▒▒▒▒ ▒▒▒▒ ▒▒▒▒ ▒▒▒▒
██████ ▒▒▒▒ ▒▒▒▒ ▒▒▒▒ ▒▒▒▒ ▒▒▒▒ ▒▒▒▒ ▒▒▒▒
██████ ▒▒▒▒ ▒▒▒▒ ▒▒▒▒ ▒▒▒▒ ▒▒▒▒ ▒▒▒▒ ▒▒▒▒
███ ▒▒ ▒▒▒▒ ▒▒▒▒ ▒▒▒▒ ▒▒▒▒ ▒▒▒▒ ▒▒▒▒ ▒
███ ▒▒ ▒▒▒▒ ▒▒▒▒ ▒▒▒▒ ▒▒▒▒ ▒▒▒▒ ▒▒▒▒ ▒
████ ▒▒▒▒ ▒▒▒▒ ▒▒▒▒ ▒▒▒▒ ▒▒▒▒ ▒▒▒▒ ▒▒
█████ ▒▒▒ ▒▒▒▒ ▒▒▒▒ ▒▒▒▒ ▒▒▒▒ ▒▒▒▒ ▒▒▒
█████ ▒▒▒ ▒▒▒▒ ▒▒▒▒ ▒▒▒▒ ▒▒▒▒ ▒▒▒▒ ▒▒▒
██████ ▒ ▒▒▒▒ ▒▒▒▒ ▒▒▒▒ ▒▒▒▒ ▒▒▒▒ ▒▒▒▒
███ ▒▒▒▒ ▒▒▒▒ ▒▒▒▒ ▒▒▒▒ ▒▒▒▒ ▒▒▒▒
███ ▒▒▒▒ ▒▒▒▒ ▒▒▒▒ ▒▒▒▒ ▒▒▒▒ ▒▒▒▒
████ ▒▒ ▒▒▒▒ ▒▒▒▒ ▒▒▒▒ ▒▒▒▒ ▒▒▒▒ ▒
████ ▒▒ ▒▒▒▒ ▒▒▒▒ ▒▒▒▒ ▒▒▒▒ ▒▒▒▒ ▒
█████ ▒▒▒▒ ▒▒▒▒ ▒▒▒▒ ▒▒▒▒ ▒▒▒▒ ▒▒
██████ ▒▒▒ ▒▒▒▒ ▒▒▒▒ ▒▒▒▒ ▒▒▒▒ ▒▒▒
██████ ▒▒▒ ▒▒▒▒ ▒▒▒▒ ▒▒▒▒ ▒▒▒▒ ▒▒▒
███ ▒ ▒▒▒▒ ▒▒▒▒ ▒▒▒▒ ▒▒▒▒ ▒▒▒▒
███ ▒ ▒▒▒▒ ▒▒▒▒ ▒▒▒▒ ▒▒▒▒ ▒▒▒▒
████ ▒▒▒▒ ▒▒▒▒ ▒▒▒▒ ▒▒▒▒ ▒▒▒▒
█████ ▒▒ ▒▒▒▒ ▒▒▒▒ ▒▒▒▒ ▒▒▒▒ ▒
█████ ▒▒ ▒▒▒▒ ▒▒▒▒ ▒▒▒▒ ▒▒▒▒ ▒
██████ ▒▒▒▒ ▒▒▒▒ ▒▒▒▒ ▒▒▒▒ ▒▒
███ ▒▒▒ ▒▒▒▒ ▒▒▒▒ ▒▒▒▒ ▒▒▒
███ ▒▒▒ ▒▒▒▒ ▒▒▒▒ ▒▒▒▒ ▒▒▒
████ ▒ ▒▒▒▒ ▒▒▒▒ ▒▒▒▒ ▒▒▒▒
████ ▒ ▒▒▒▒ ▒▒▒▒ ▒▒▒▒ ▒▒▒▒
█████ ▒▒▒▒ ▒▒▒▒ ▒▒▒▒ ▒▒▒▒
